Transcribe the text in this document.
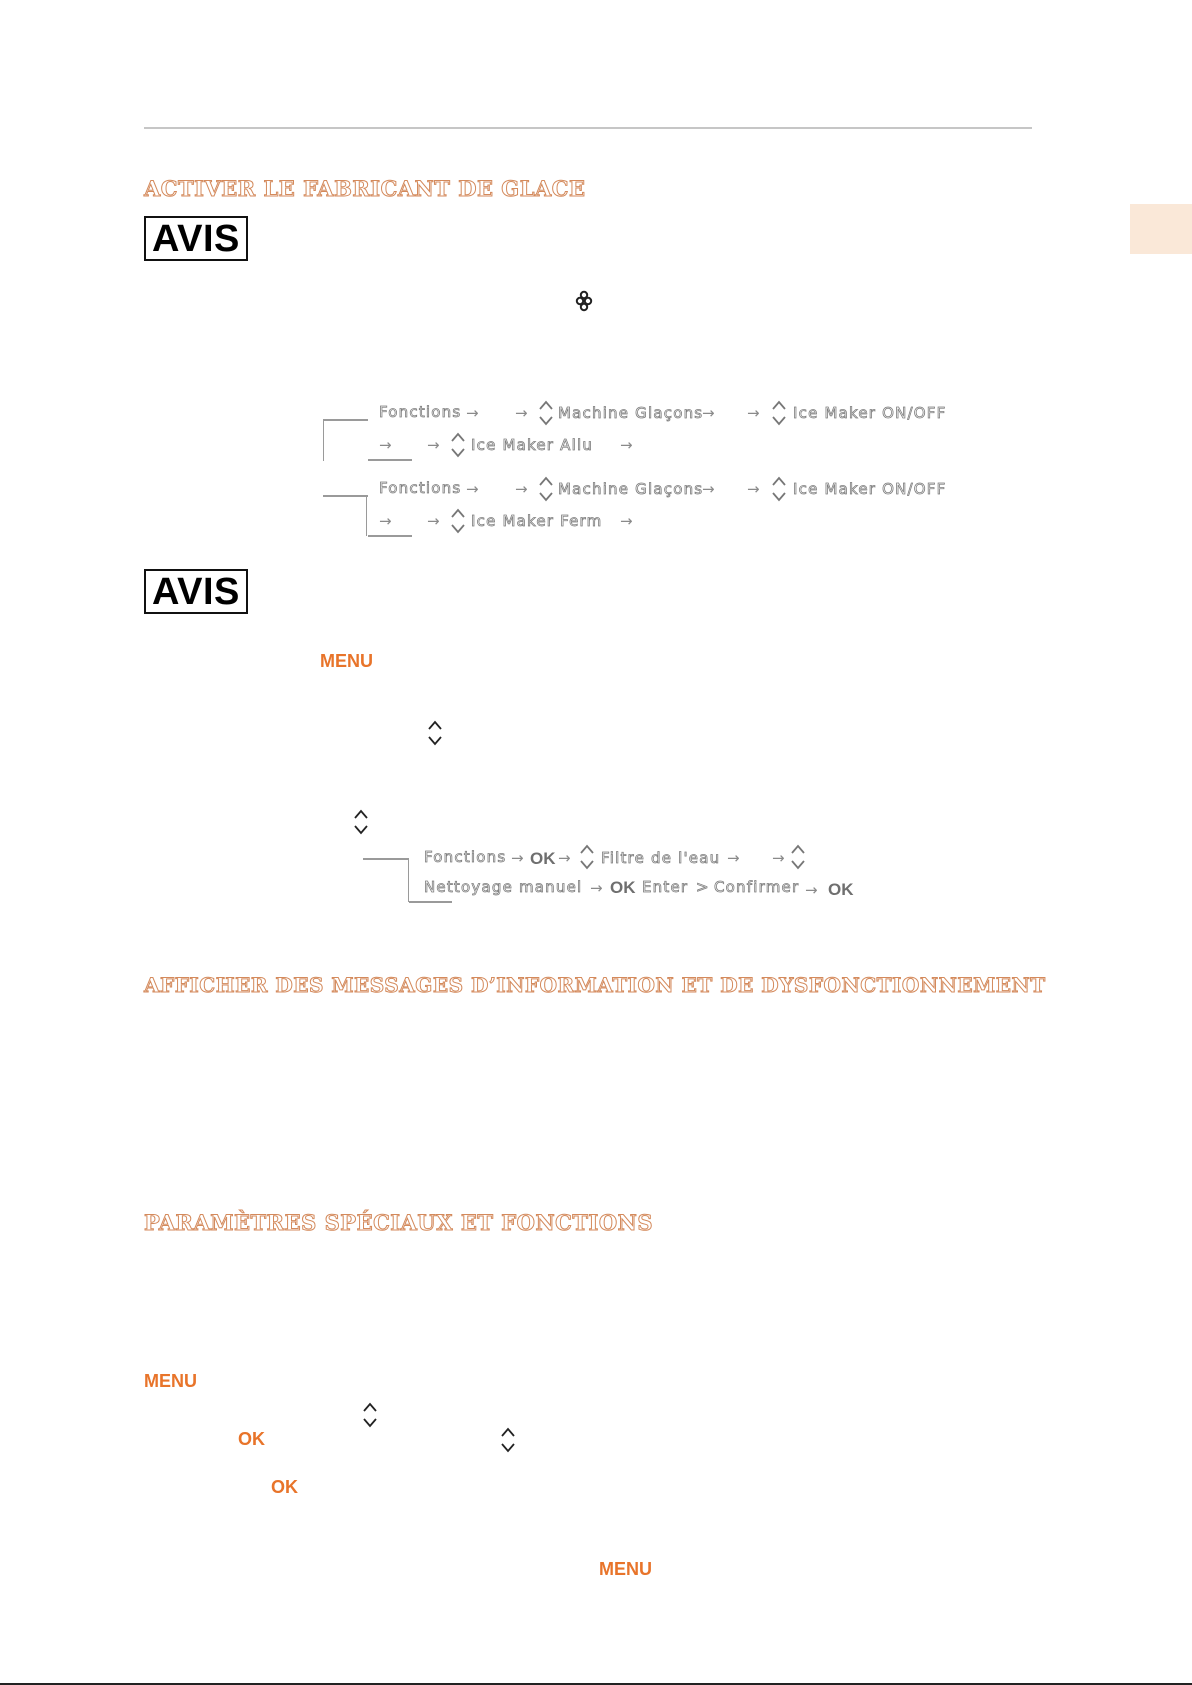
ACTIVER LE FABRICANT DE GLACE
AVIS
Fonctions → → Machine Glaçons
→ → Ice Maker ON/OFF
→ → Ice Maker Allu →
Fonctions → → Machine Glaçons
→ → Ice Maker ON/OFF
→ → Ice Maker Ferm →
AVIS
MENU
Fonctions → OK → Filtre de l'eau → →
Nettoyage manuel → OK Enter > Confirmer → OK
AFFICHER DES MESSAGES D’INFORMATION ET DE DYSFONCTIONNEMENT
PARAMÈTRES SPÉCIAUX ET FONCTIONS
MENU
OK
OK
MENU
